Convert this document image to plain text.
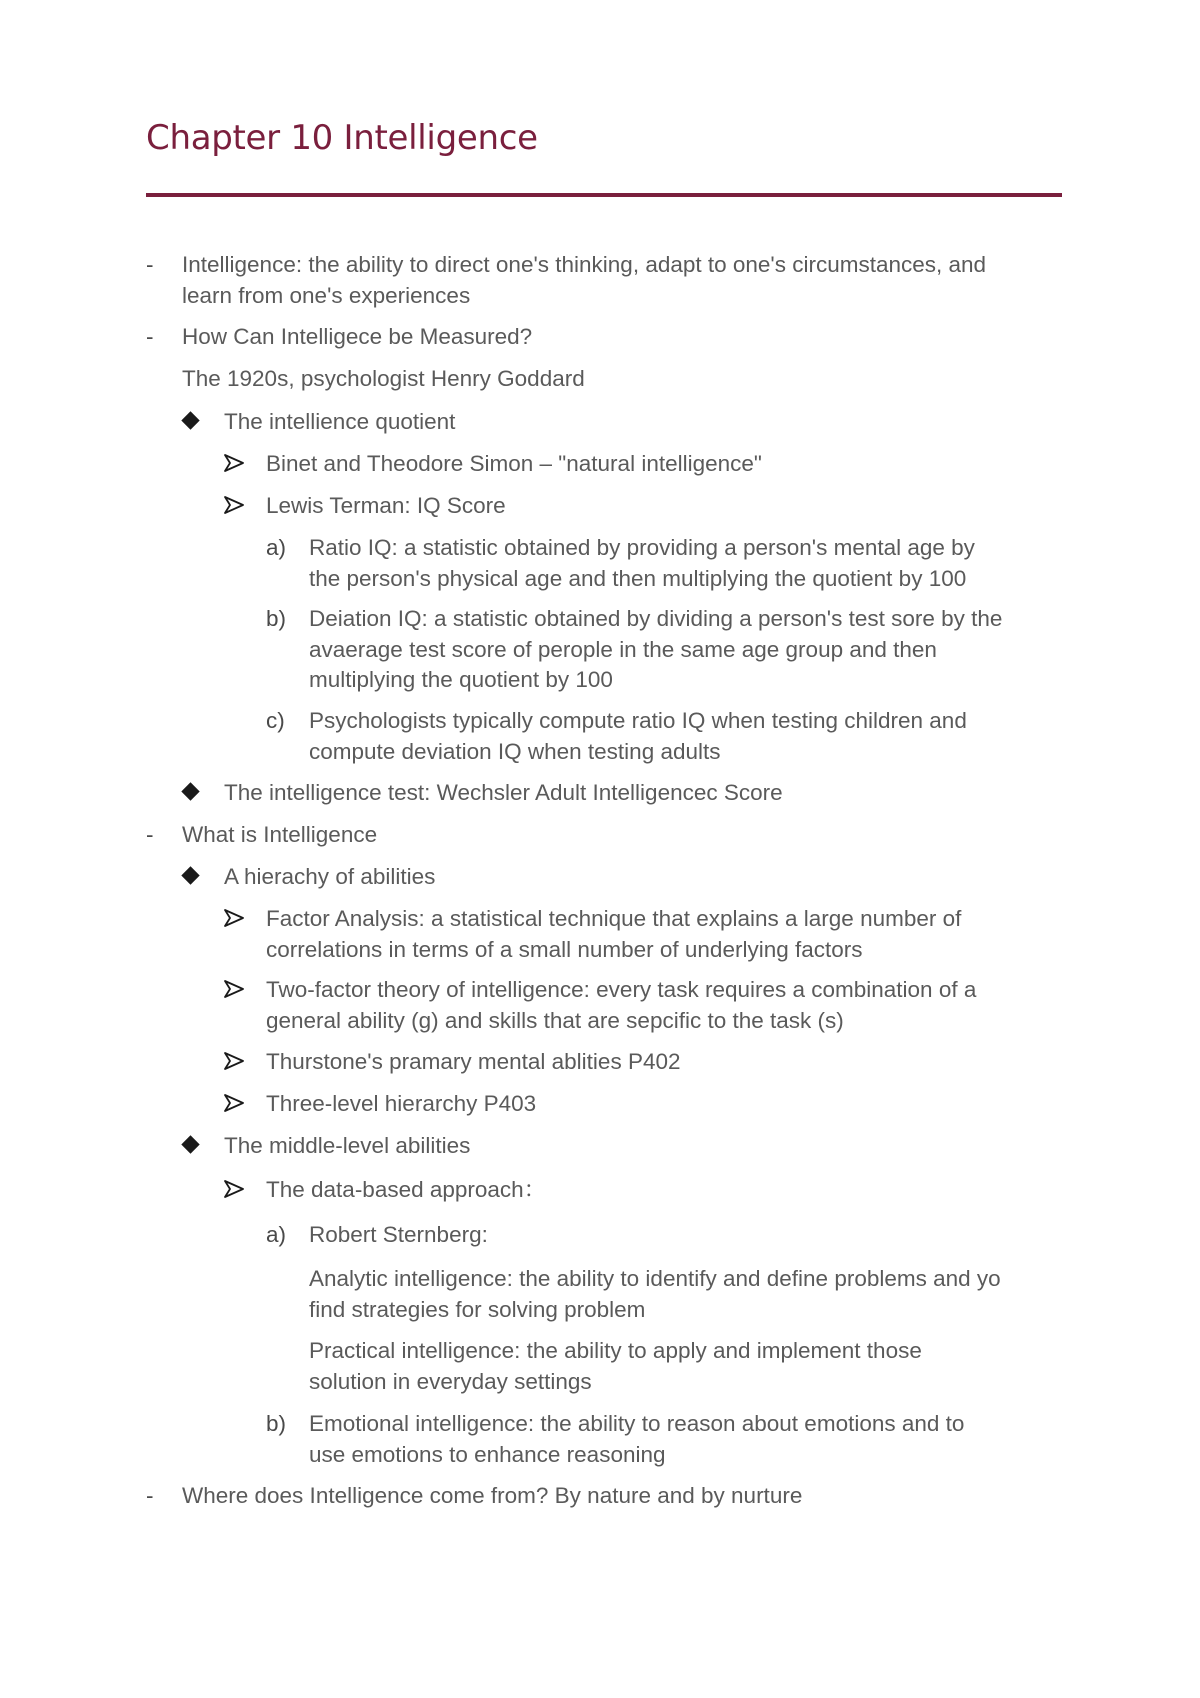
Chapter 10 Intelligence
- Intelligence: the ability to direct one's thinking, adapt to one's circumstances, and
learn from one's experiences
- How Can Intelligece be Measured?
The 1920s, psychologist Henry Goddard
The intellience quotient
Binet and Theodore Simon – "natural intelligence"
Lewis Terman: IQ Score
a) Ratio IQ: a statistic obtained by providing a person's mental age by
the person's physical age and then multiplying the quotient by 100
b) Deiation IQ: a statistic obtained by dividing a person's test sore by the
avaerage test score of perople in the same age group and then
multiplying the quotient by 100
c) Psychologists typically compute ratio IQ when testing children and
compute deviation IQ when testing adults
The intelligence test: Wechsler Adult Intelligencec Score
- What is Intelligence
A hierachy of abilities
Factor Analysis: a statistical technique that explains a large number of
correlations in terms of a small number of underlying factors
Two-factor theory of intelligence: every task requires a combination of a
general ability (g) and skills that are sepcific to the task (s)
Thurstone's pramary mental ablities P402
Three-level hierarchy P403
The middle-level abilities
The data-based approach：
a) Robert Sternberg:
Analytic intelligence: the ability to identify and define problems and yo
find strategies for solving problem
Practical intelligence: the ability to apply and implement those
solution in everyday settings
b) Emotional intelligence: the ability to reason about emotions and to
use emotions to enhance reasoning
- Where does Intelligence come from? By nature and by nurture
